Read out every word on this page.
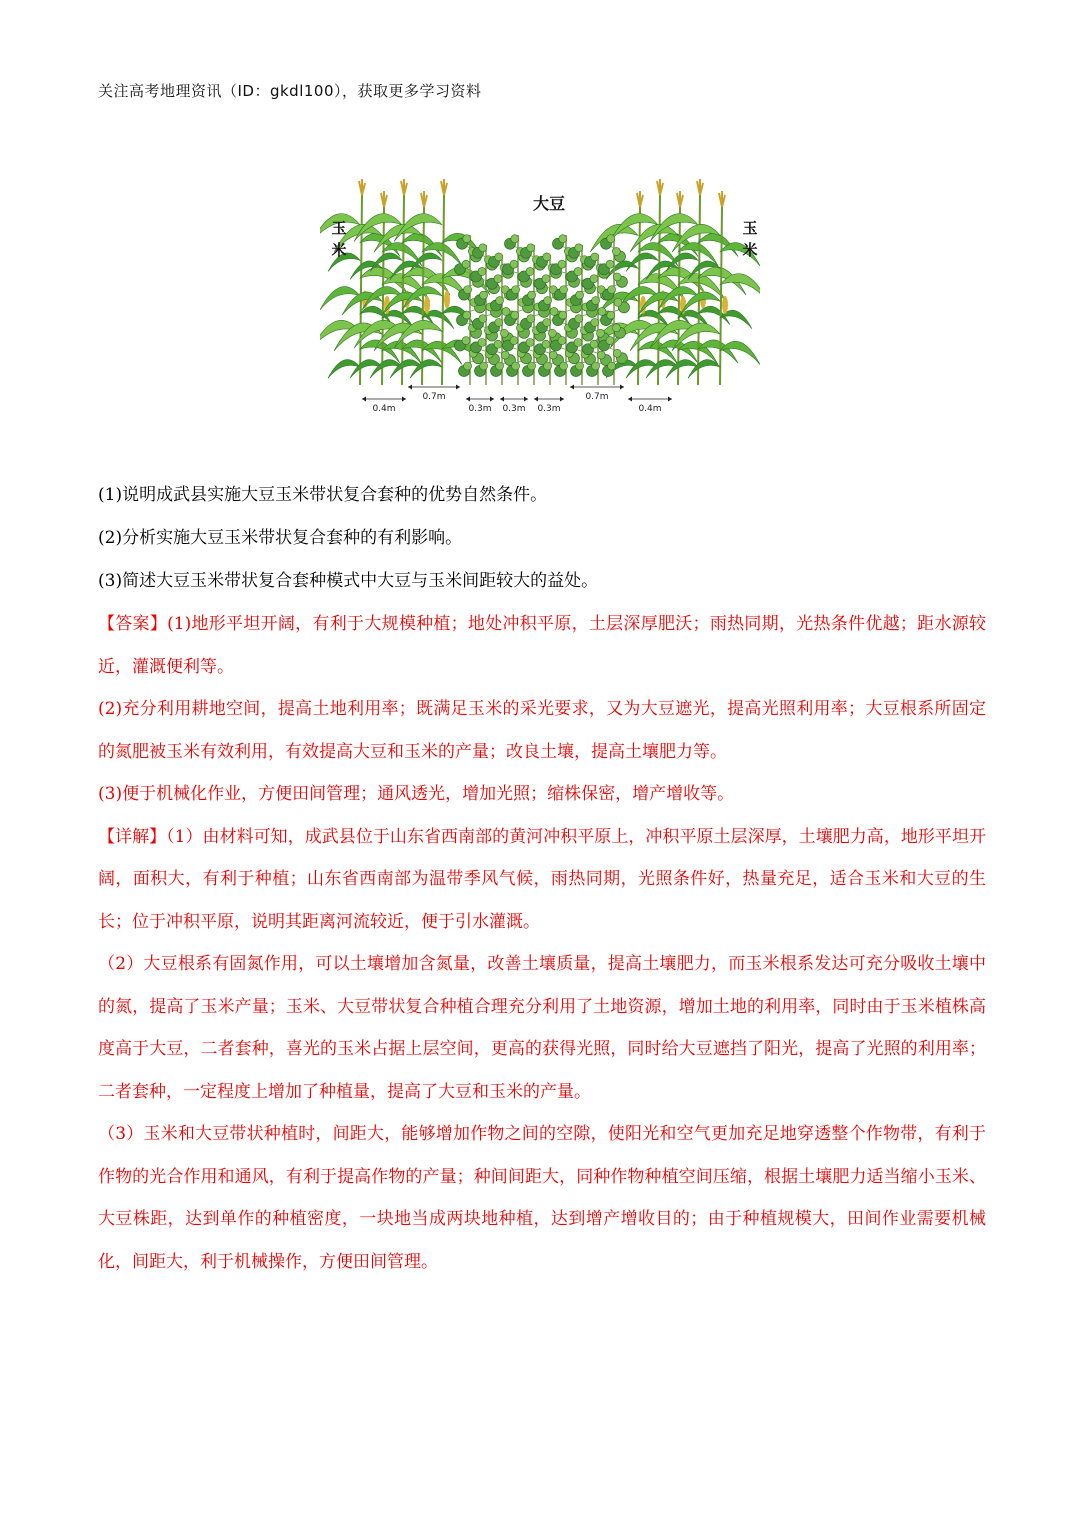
关注高考地理资讯（ID：gkdl100），获取更多学习资料
大豆
玉米
玉米
0.4m
0.7m
0.3m 0.3m 0.3m
0.7m
0.4m
(1)说明成武县实施大豆玉米带状复合套种的优势自然条件。
(2)分析实施大豆玉米带状复合套种的有利影响。
(3)简述大豆玉米带状复合套种模式中大豆与玉米间距较大的益处。

【答案】(1)地形平坦开阔，有利于大规模种植；地处冲积平原，土层深厚肥沃；雨热同期，光热条件优越；距水源较近，灌溉便利等。

(2)充分利用耕地空间，提高土地利用率；既满足玉米的采光要求，又为大豆遮光，提高光照利用率；大豆根系所固定的氮肥被玉米有效利用，有效提高大豆和玉米的产量；改良土壤，提高土壤肥力等。

(3)便于机械化作业，方便田间管理；通风透光，增加光照；缩株保密，增产增收等。

【详解】（1）由材料可知，成武县位于山东省西南部的黄河冲积平原上，冲积平原土层深厚，土壤肥力高，地形平坦开阔，面积大，有利于种植；山东省西南部为温带季风气候，雨热同期，光照条件好，热量充足，适合玉米和大豆的生长；位于冲积平原，说明其距离河流较近，便于引水灌溉。

（2）大豆根系有固氮作用，可以土壤增加含氮量，改善土壤质量，提高土壤肥力，而玉米根系发达可充分吸收土壤中的氮，提高了玉米产量；玉米、大豆带状复合种植合理充分利用了土地资源，增加土地的利用率，同时由于玉米植株高度高于大豆，二者套种，喜光的玉米占据上层空间，更高的获得光照，同时给大豆遮挡了阳光，提高了光照的利用率；二者套种，一定程度上增加了种植量，提高了大豆和玉米的产量。

（3）玉米和大豆带状种植时，间距大，能够增加作物之间的空隙，使阳光和空气更加充足地穿透整个作物带，有利于作物的光合作用和通风，有利于提高作物的产量；种间间距大，同种作物种植空间压缩，根据土壤肥力适当缩小玉米、大豆株距，达到单作的种植密度，一块地当成两块地种植，达到增产增收目的；由于种植规模大，田间作业需要机械化，间距大，利于机械操作，方便田间管理。
